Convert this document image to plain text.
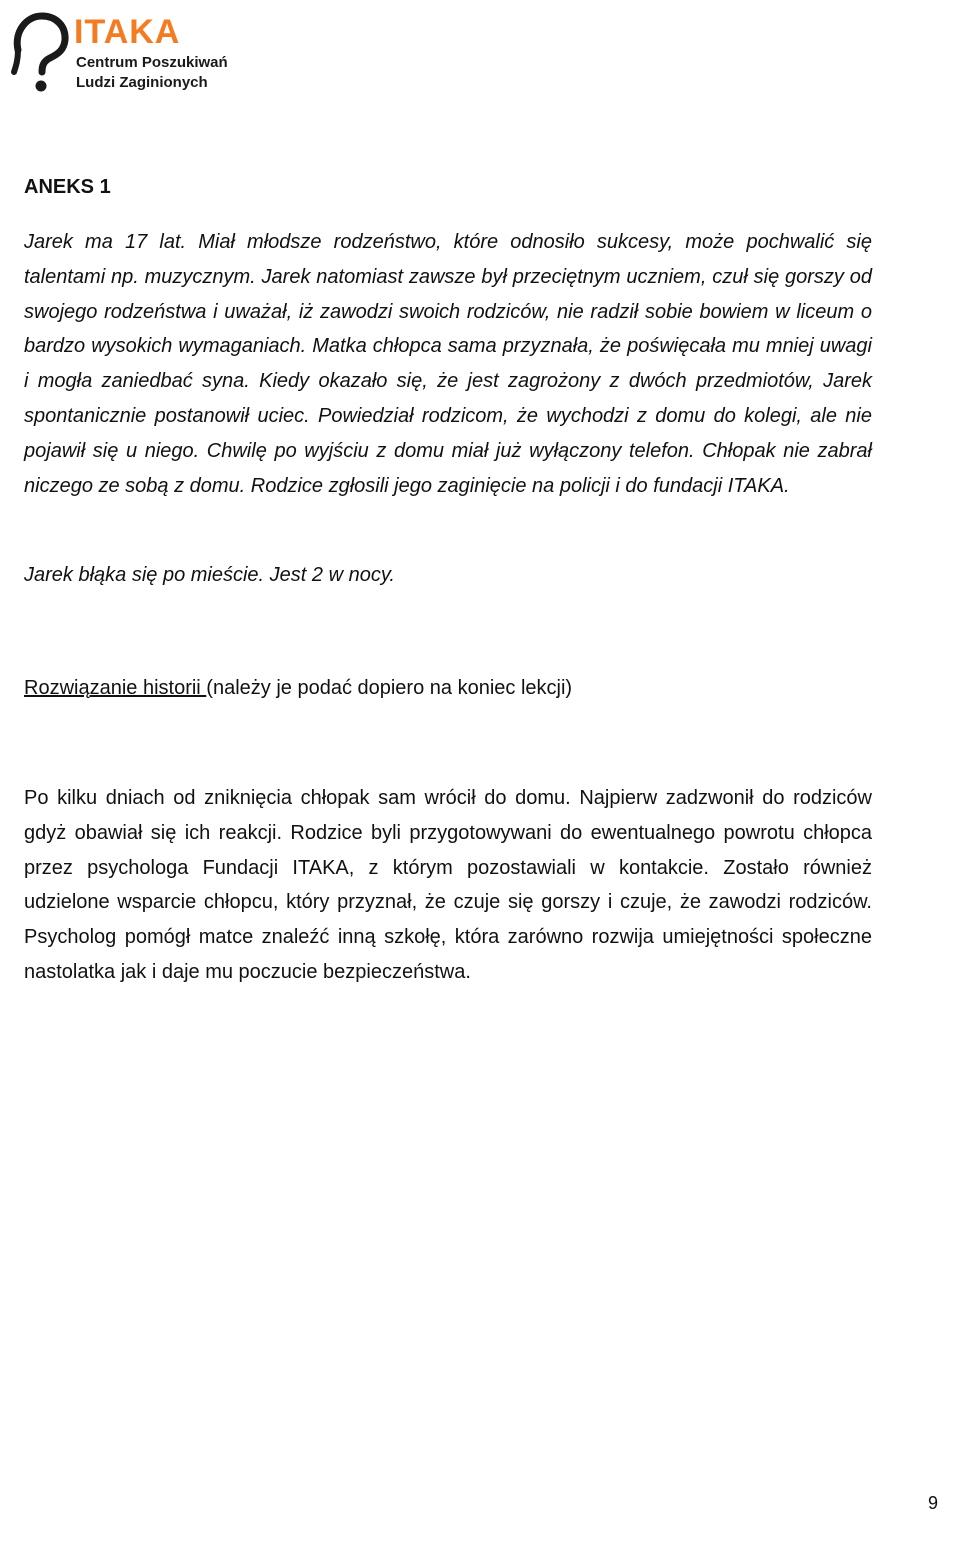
ITAKA
Centrum Poszukiwań
Ludzi Zaginionych
ANEKS 1

Jarek ma 17 lat. Miał młodsze rodzeństwo, które odnosiło sukcesy, może pochwalić się talentami np. muzycznym. Jarek natomiast zawsze był przeciętnym uczniem, czuł się gorszy od swojego rodzeństwa i uważał, iż zawodzi swoich rodziców, nie radził sobie bowiem w liceum o bardzo wysokich wymaganiach. Matka chłopca sama przyznała, że poświęcała mu mniej uwagi i mogła zaniedbać syna. Kiedy okazało się, że jest zagrożony z dwóch przedmiotów, Jarek spontanicznie postanowił uciec. Powiedział rodzicom, że wychodzi z domu do kolegi, ale nie pojawił się u niego. Chwilę po wyjściu z domu miał już wyłączony telefon. Chłopak nie zabrał niczego ze sobą z domu. Rodzice zgłosili jego zaginięcie na policji i do fundacji ITAKA.

Jarek błąka się po mieście. Jest 2 w nocy.

Rozwiązanie historii (należy je podać dopiero na koniec lekcji)

Po kilku dniach od zniknięcia chłopak sam wrócił do domu. Najpierw zadzwonił do rodziców gdyż obawiał się ich reakcji. Rodzice byli przygotowywani do ewentualnego powrotu chłopca przez psychologa Fundacji ITAKA, z którym pozostawiali w kontakcie. Zostało również udzielone wsparcie chłopcu, który przyznał, że czuje się gorszy i czuje, że zawodzi rodziców. Psycholog pomógł matce znaleźć inną szkołę, która zarówno rozwija umiejętności społeczne nastolatka jak i daje mu poczucie bezpieczeństwa.

9
